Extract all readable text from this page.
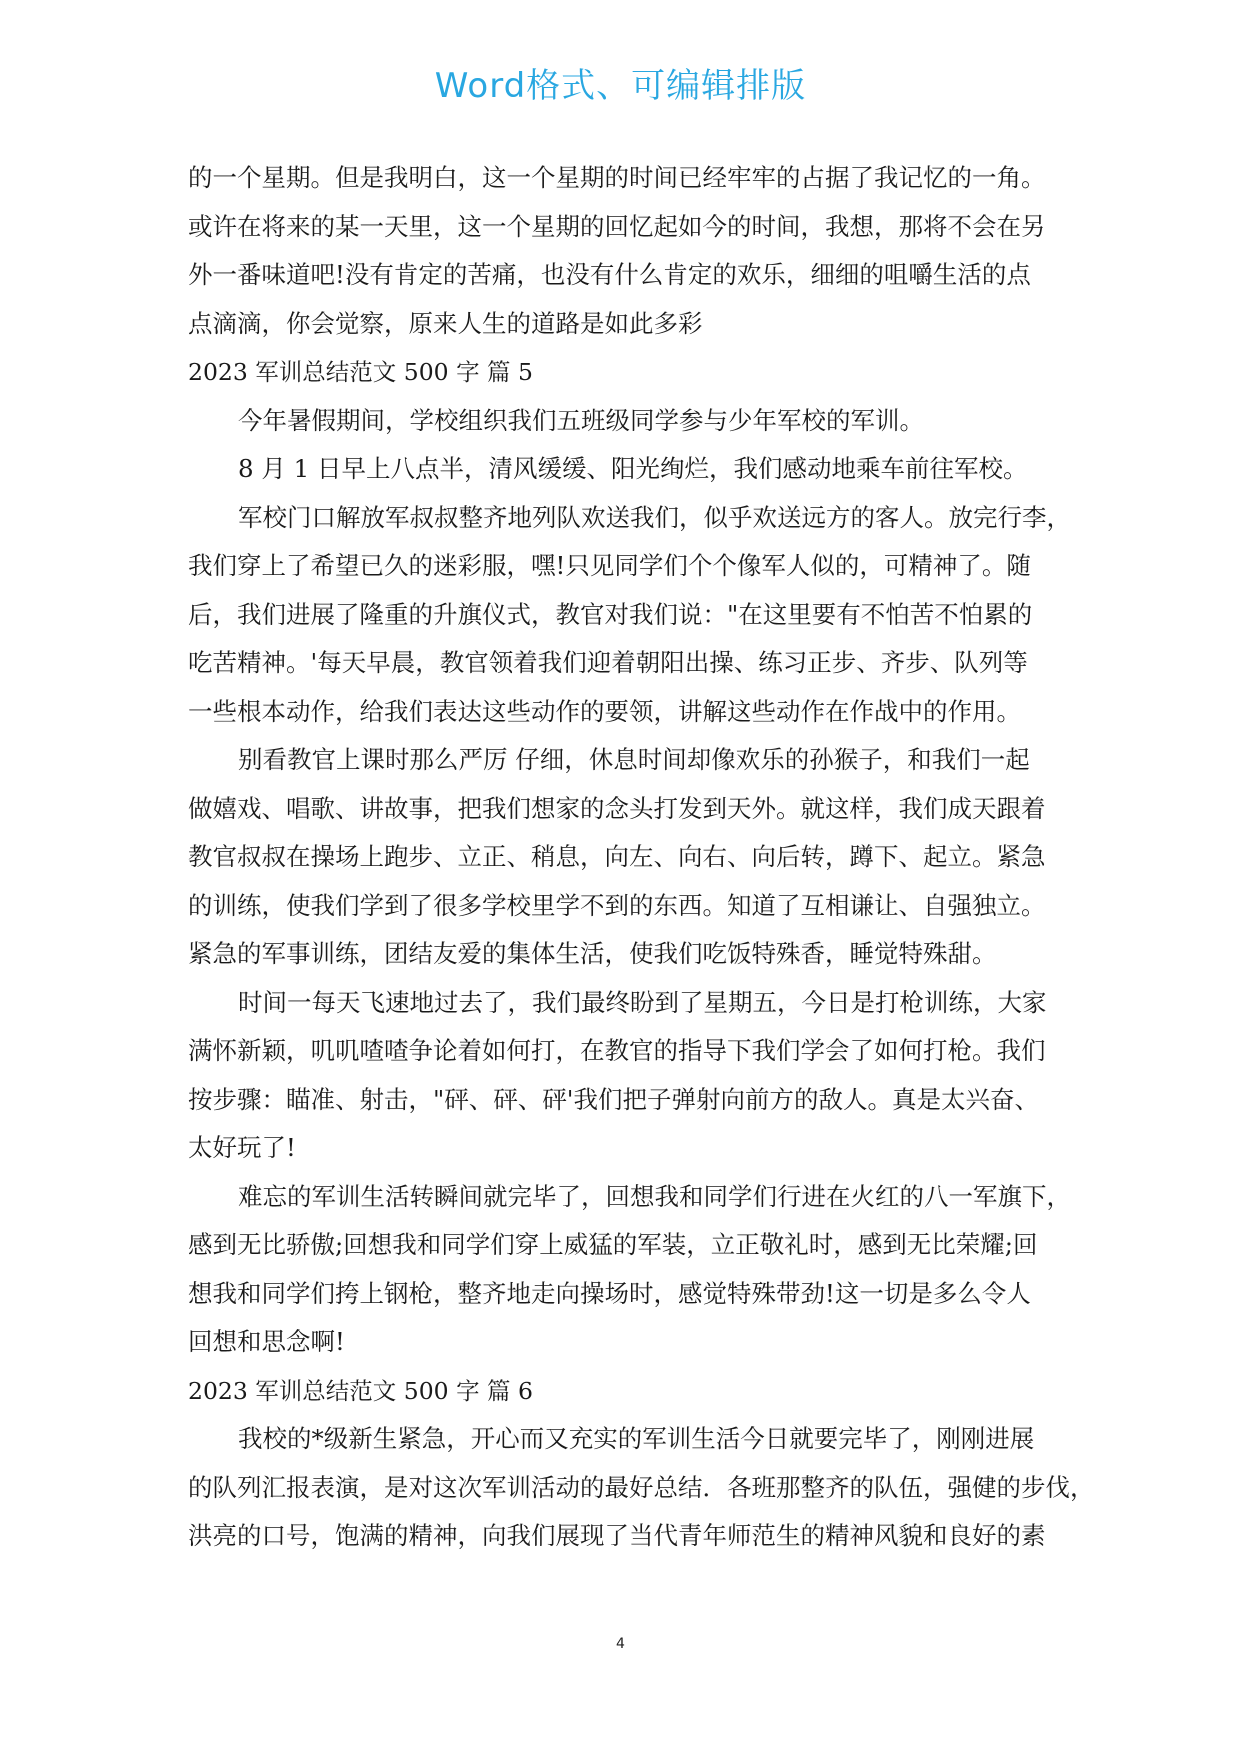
Word格式、可编辑排版
的一个星期。但是我明白，这一个星期的时间已经牢牢的占据了我记忆的一角。
或许在将来的某一天里，这一个星期的回忆起如今的时间，我想，那将不会在另
外一番味道吧!没有肯定的苦痛，也没有什么肯定的欢乐，细细的咀嚼生活的点
点滴滴，你会觉察，原来人生的道路是如此多彩
2023 军训总结范文 500 字 篇 5
今年暑假期间，学校组织我们五班级同学参与少年军校的军训。
8 月 1 日早上八点半，清风缓缓、阳光绚烂，我们感动地乘车前往军校。
军校门口解放军叔叔整齐地列队欢送我们，似乎欢送远方的客人。放完行李，
我们穿上了希望已久的迷彩服，嘿!只见同学们个个像军人似的，可精神了。随
后，我们进展了隆重的升旗仪式，教官对我们说："在这里要有不怕苦不怕累的
吃苦精神。'每天早晨，教官领着我们迎着朝阳出操、练习正步、齐步、队列等
一些根本动作，给我们表达这些动作的要领，讲解这些动作在作战中的作用。
别看教官上课时那么严厉 仔细，休息时间却像欢乐的孙猴子，和我们一起
做嬉戏、唱歌、讲故事，把我们想家的念头打发到天外。就这样，我们成天跟着
教官叔叔在操场上跑步、立正、稍息，向左、向右、向后转，蹲下、起立。紧急
的训练，使我们学到了很多学校里学不到的东西。知道了互相谦让、自强独立。
紧急的军事训练，团结友爱的集体生活，使我们吃饭特殊香，睡觉特殊甜。
时间一每天飞速地过去了，我们最终盼到了星期五，今日是打枪训练，大家
满怀新颖，叽叽喳喳争论着如何打，在教官的指导下我们学会了如何打枪。我们
按步骤：瞄准、射击，"砰、砰、砰'我们把子弹射向前方的敌人。真是太兴奋、
太好玩了!
难忘的军训生活转瞬间就完毕了，回想我和同学们行进在火红的八一军旗下，
感到无比骄傲;回想我和同学们穿上威猛的军装，立正敬礼时，感到无比荣耀;回
想我和同学们挎上钢枪，整齐地走向操场时，感觉特殊带劲!这一切是多么令人
回想和思念啊!
2023 军训总结范文 500 字 篇 6
我校的*级新生紧急，开心而又充实的军训生活今日就要完毕了，刚刚进展
的队列汇报表演，是对这次军训活动的最好总结．各班那整齐的队伍，强健的步伐，
洪亮的口号，饱满的精神，向我们展现了当代青年师范生的精神风貌和良好的素
4
